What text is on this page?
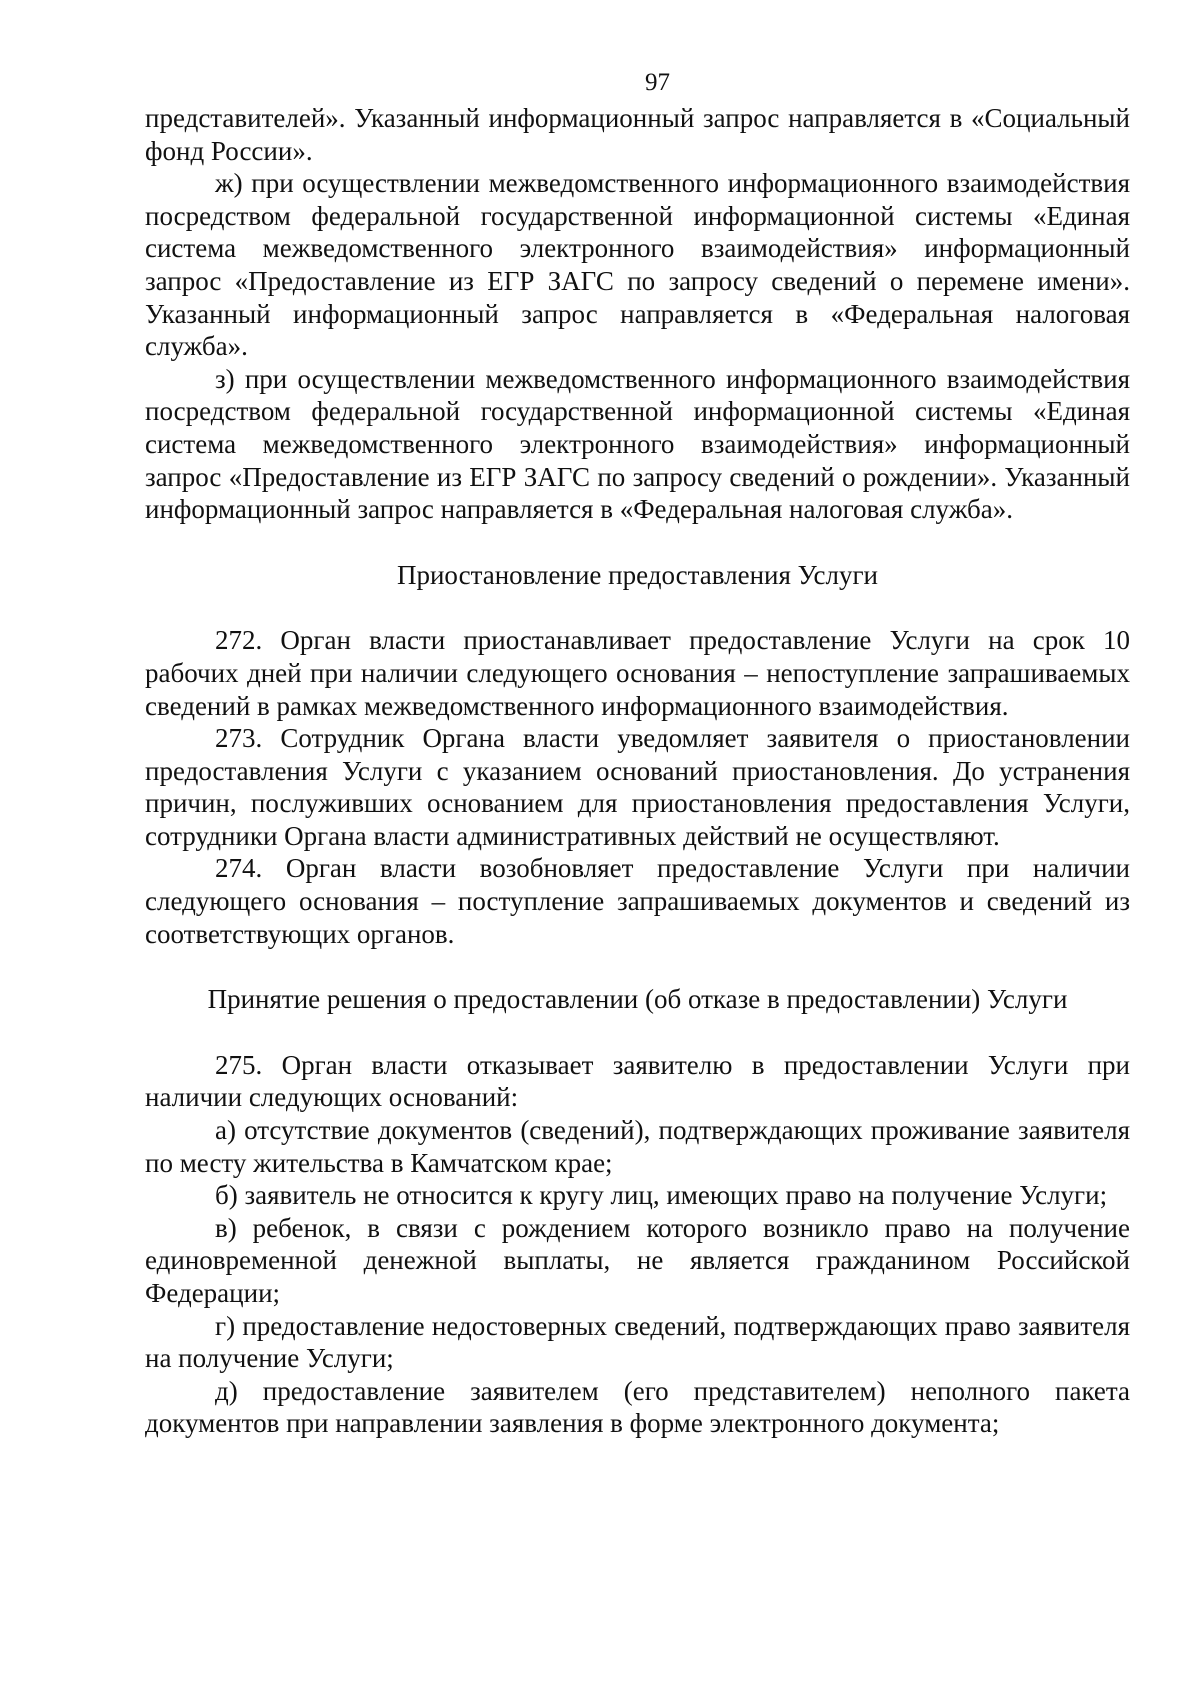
97

представителей». Указанный информационный запрос направляется в «Социальный фонд России».

ж) при осуществлении межведомственного информационного взаимодействия посредством федеральной государственной информационной системы «Единая система межведомственного электронного взаимодействия» информационный запрос «Предоставление из ЕГР ЗАГС по запросу сведений о перемене имени». Указанный информационный запрос направляется в «Федеральная налоговая служба».

з) при осуществлении межведомственного информационного взаимодействия посредством федеральной государственной информационной системы «Единая система межведомственного электронного взаимодействия» информационный запрос «Предоставление из ЕГР ЗАГС по запросу сведений о рождении». Указанный информационный запрос направляется в «Федеральная налоговая служба».

Приостановление предоставления Услуги

272. Орган власти приостанавливает предоставление Услуги на срок 10 рабочих дней при наличии следующего основания – непоступление запрашиваемых сведений в рамках межведомственного информационного взаимодействия.

273. Сотрудник Органа власти уведомляет заявителя о приостановлении предоставления Услуги с указанием оснований приостановления. До устранения причин, послуживших основанием для приостановления предоставления Услуги, сотрудники Органа власти административных действий не осуществляют.

274. Орган власти возобновляет предоставление Услуги при наличии следующего основания – поступление запрашиваемых документов и сведений из соответствующих органов.

Принятие решения о предоставлении (об отказе в предоставлении) Услуги

275. Орган власти отказывает заявителю в предоставлении Услуги при наличии следующих оснований:

а) отсутствие документов (сведений), подтверждающих проживание заявителя по месту жительства в Камчатском крае;

б) заявитель не относится к кругу лиц, имеющих право на получение Услуги;

в) ребенок, в связи с рождением которого возникло право на получение единовременной денежной выплаты, не является гражданином Российской Федерации;

г) предоставление недостоверных сведений, подтверждающих право заявителя на получение Услуги;

д) предоставление заявителем (его представителем) неполного пакета документов при направлении заявления в форме электронного документа;
